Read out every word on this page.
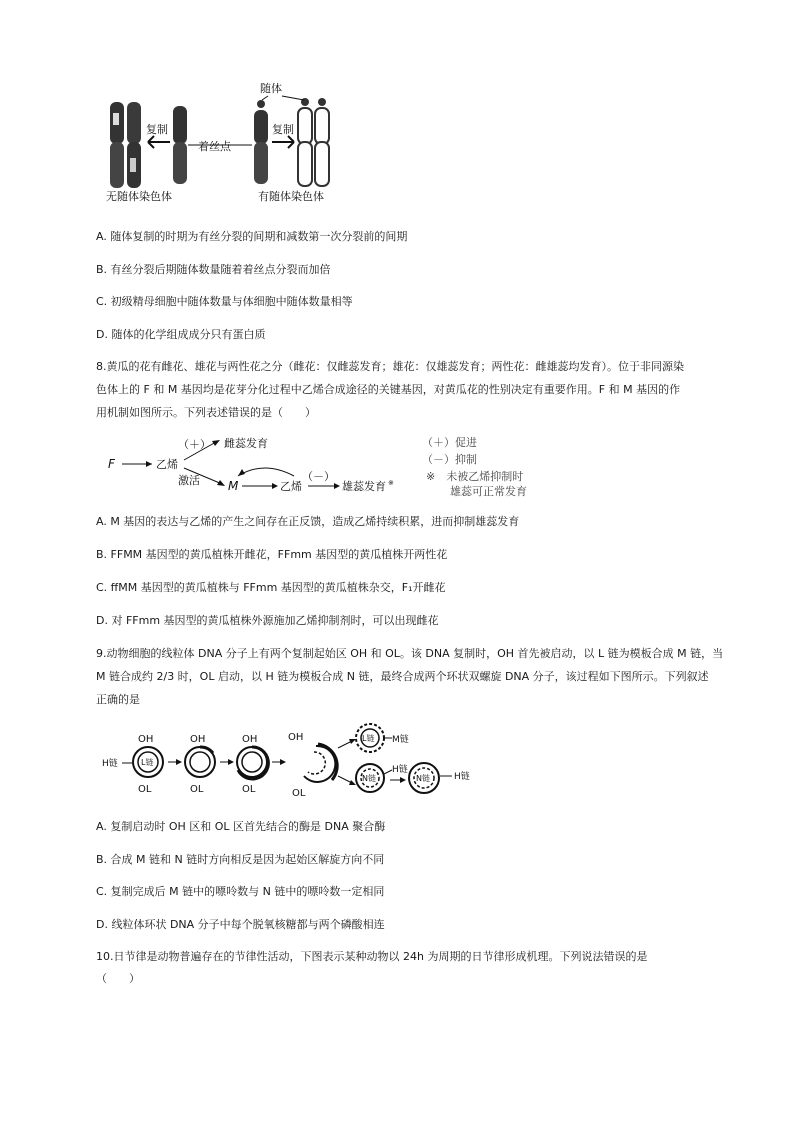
复制
着丝点
复制
随体
无随体染色体	有随体染色体
A. 随体复制的时期为有丝分裂的间期和减数第一次分裂前的间期
B. 有丝分裂后期随体数量随着着丝点分裂而加倍
C. 初级精母细胞中随体数量与体细胞中随体数量相等
D. 随体的化学组成成分只有蛋白质
8.黄瓜的花有雌花、雄花与两性花之分（雌花：仅雌蕊发育；雄花：仅雄蕊发育；两性花：雌雄蕊均发育）。位于非同源染
色体上的 F 和 M 基因均是花芽分化过程中乙烯合成途径的关键基因，对黄瓜花的性别决定有重要作用。F 和 M 基因的作
用机制如图所示。下列表述错误的是（　　）
F	乙烯
（＋） 雌蕊发育
激活 M	乙烯
（－）
雄蕊发育 ※
（＋）促进
（－）抑制
※　未被乙烯抑制时
雄蕊可正常发育
A. M 基因的表达与乙烯的产生之间存在正反馈，造成乙烯持续积累，进而抑制雄蕊发育
B. FFMM 基因型的黄瓜植株开雌花，FFmm 基因型的黄瓜植株开两性花
C. ffMM 基因型的黄瓜植株与 FFmm 基因型的黄瓜植株杂交，F₁开雌花
D. 对 FFmm 基因型的黄瓜植株外源施加乙烯抑制剂时，可以出现雌花
9.动物细胞的线粒体 DNA 分子上有两个复制起始区 OH 和 OL。该 DNA 复制时，OH 首先被启动，以 L 链为模板合成 M 链，当
M 链合成约 2/3 时，OL 启动，以 H 链为模板合成 N 链，最终合成两个环状双螺旋 DNA 分子，该过程如下图所示。下列叙述
正确的是
H链	L链
OH
OL
OH
OL
OH
OL
OH
OL
L链 M链
N链
H链
N链	H链
A. 复制启动时 OH 区和 OL 区首先结合的酶是 DNA 聚合酶
B. 合成 M 链和 N 链时方向相反是因为起始区解旋方向不同
C. 复制完成后 M 链中的嘌呤数与 N 链中的嘌呤数一定相同
D. 线粒体环状 DNA 分子中每个脱氧核糖都与两个磷酸相连
10.日节律是动物普遍存在的节律性活动，下图表示某种动物以 24h 为周期的日节律形成机理。下列说法错误的是
（　　）
